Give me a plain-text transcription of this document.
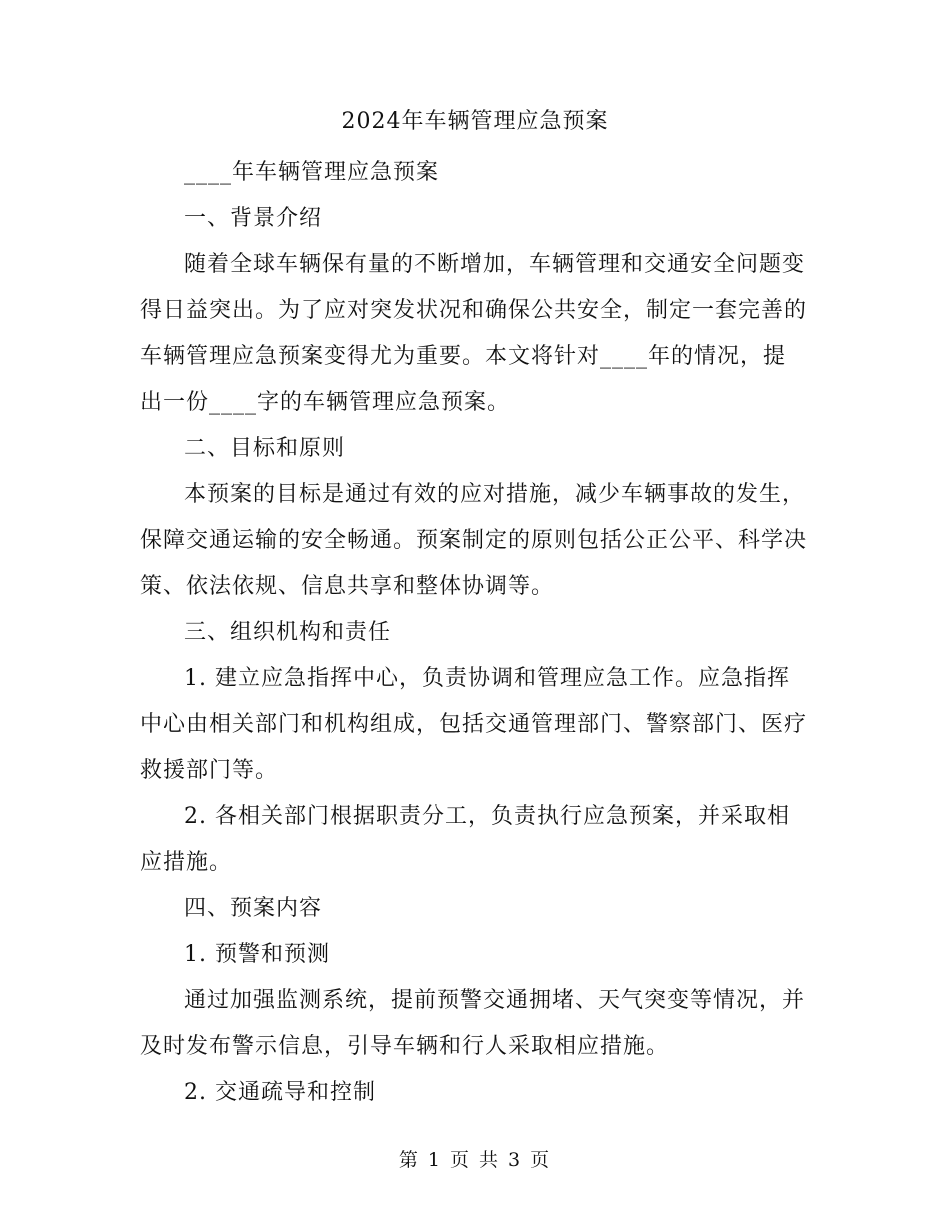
2024年车辆管理应急预案

____年车辆管理应急预案

一、背景介绍

随着全球车辆保有量的不断增加，车辆管理和交通安全问题变得日益突出。为了应对突发状况和确保公共安全，制定一套完善的车辆管理应急预案变得尤为重要。本文将针对____年的情况，提出一份____字的车辆管理应急预案。

二、目标和原则

本预案的目标是通过有效的应对措施，减少车辆事故的发生，保障交通运输的安全畅通。预案制定的原则包括公正公平、科学决策、依法依规、信息共享和整体协调等。

三、组织机构和责任

1. 建立应急指挥中心，负责协调和管理应急工作。应急指挥中心由相关部门和机构组成，包括交通管理部门、警察部门、医疗救援部门等。

2. 各相关部门根据职责分工，负责执行应急预案，并采取相应措施。

四、预案内容

1. 预警和预测

通过加强监测系统，提前预警交通拥堵、天气突变等情况，并及时发布警示信息，引导车辆和行人采取相应措施。

2. 交通疏导和控制

第 1 页 共 3 页
